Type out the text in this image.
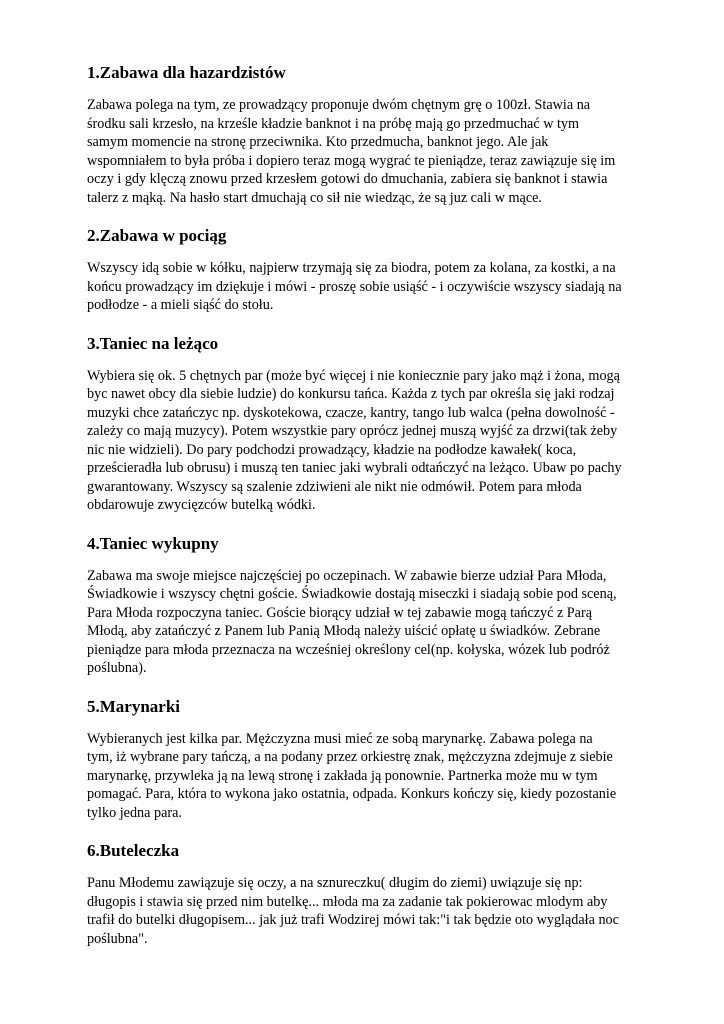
1.Zabawa dla hazardzistów

Zabawa polega na tym, ze prowadzący proponuje dwóm chętnym grę o 100zł. Stawia na
środku sali krzesło, na krześle kładzie banknot i na próbę mają go przedmuchać w tym
samym momencie na stronę przeciwnika. Kto przedmucha, banknot jego. Ale jak
wspomniałem to była próba i dopiero teraz mogą wygrać te pieniądze, teraz zawiązuje się im
oczy i gdy klęczą znowu przed krzesłem gotowi do dmuchania, zabiera się banknot i stawia
talerz z mąką. Na hasło start dmuchają co sił nie wiedząc, że są juz cali w mące.

2.Zabawa w pociąg

Wszyscy idą sobie w kółku, najpierw trzymają się za biodra, potem za kolana, za kostki, a na
końcu prowadzący im dziękuje i mówi - proszę sobie usiąść - i oczywiście wszyscy siadają na
podłodze - a mieli siąść do stołu.

3.Taniec na leżąco

Wybiera się ok. 5 chętnych par (może być więcej i nie koniecznie pary jako mąż i żona, mogą
byc nawet obcy dla siebie ludzie) do konkursu tańca. Każda z tych par określa się jaki rodzaj
muzyki chce zatańczyc np. dyskotekowa, czacze, kantry, tango lub walca (pełna dowolność -
zależy co mają muzycy). Potem wszystkie pary oprócz jednej muszą wyjść za drzwi(tak żeby
nic nie widzieli). Do pary podchodzi prowadzący, kładzie na podłodze kawałek( koca,
prześcieradła lub obrusu) i muszą ten taniec jaki wybrali odtańczyć na leżąco. Ubaw po pachy
gwarantowany. Wszyscy są szalenie zdziwieni ale nikt nie odmówił. Potem para młoda
obdarowuje zwycięzców butelką wódki.

4.Taniec wykupny

Zabawa ma swoje miejsce najczęściej po oczepinach. W zabawie bierze udział Para Młoda,
Świadkowie i wszyscy chętni goście. Świadkowie dostają miseczki i siadają sobie pod sceną,
Para Młoda rozpoczyna taniec. Goście biorący udział w tej zabawie mogą tańczyć z Parą
Młodą, aby zatańczyć z Panem lub Panią Młodą należy uiścić opłatę u świadków. Zebrane
pieniądze para młoda przeznacza na wcześniej określony cel(np. kołyska, wózek lub podróż
poślubna).

5.Marynarki

Wybieranych jest kilka par. Mężczyzna musi mieć ze sobą marynarkę. Zabawa polega na
tym, iż wybrane pary tańczą, a na podany przez orkiestrę znak, mężczyzna zdejmuje z siebie
marynarkę, przywleka ją na lewą stronę i zakłada ją ponownie. Partnerka może mu w tym
pomagać. Para, która to wykona jako ostatnia, odpada. Konkurs kończy się, kiedy pozostanie
tylko jedna para.

6.Buteleczka

Panu Młodemu zawiązuje się oczy, a na sznureczku( długim do ziemi) uwiązuje się np:
długopis i stawia się przed nim butelkę... młoda ma za zadanie tak pokierowac mlodym aby
trafił do butelki długopisem... jak już trafi Wodzirej mówi tak:"i tak będzie oto wyglądała noc
poślubna".
